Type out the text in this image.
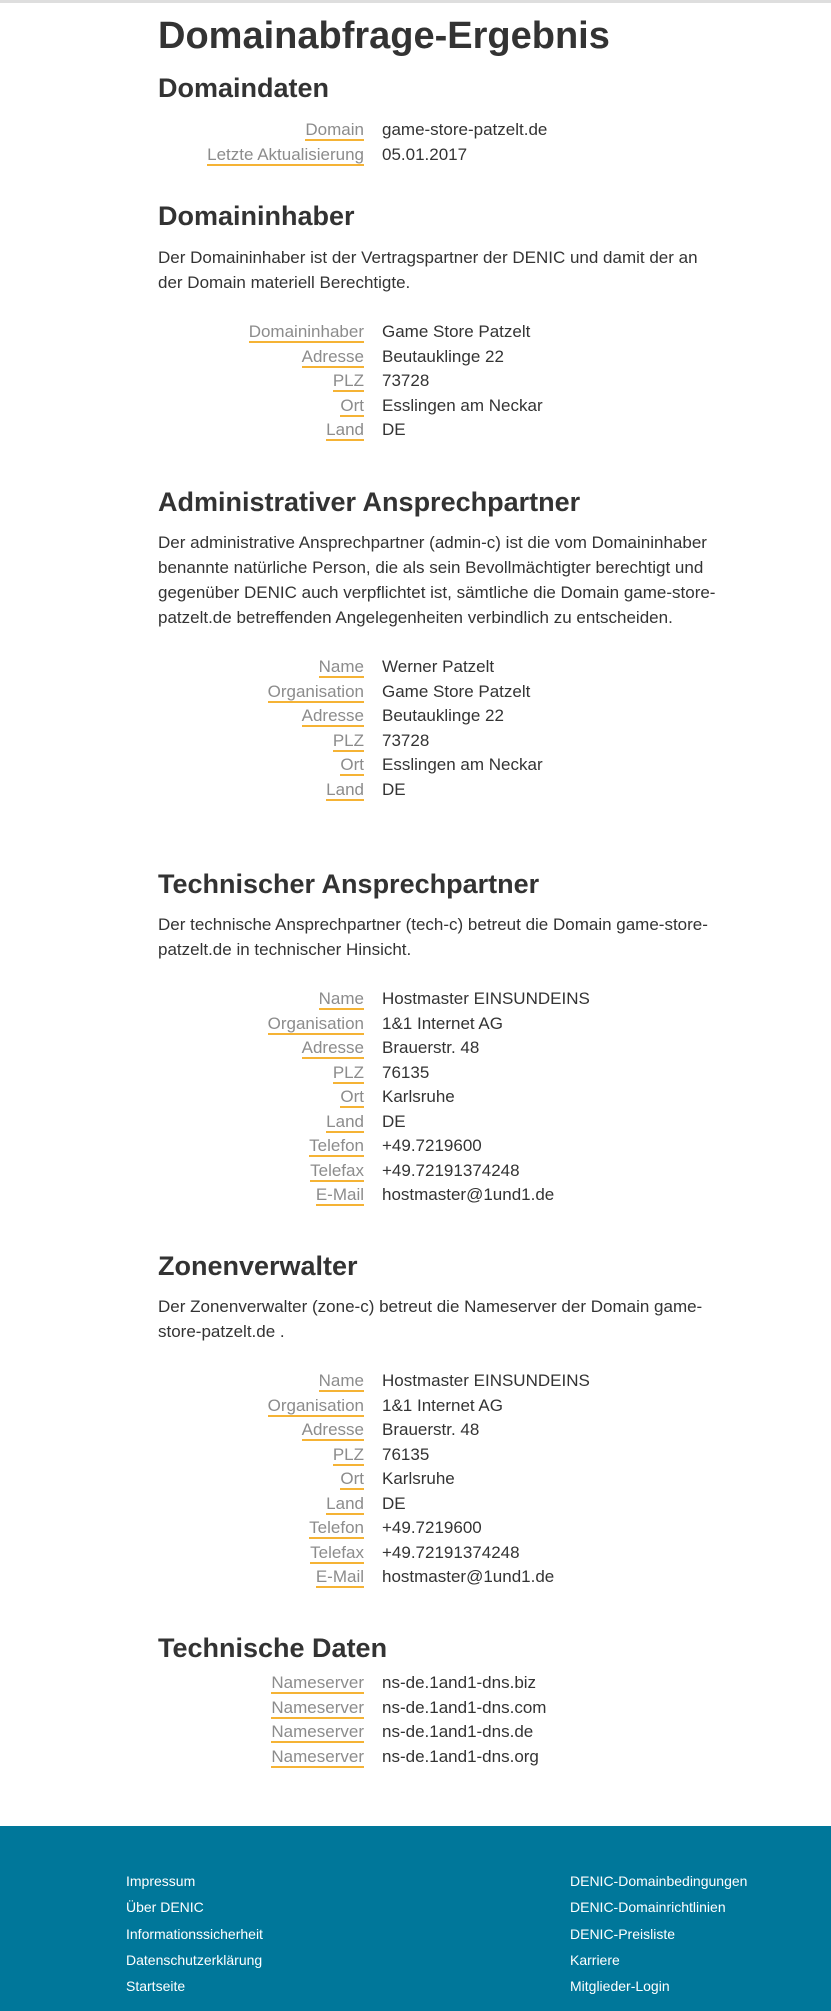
Domainabfrage-Ergebnis
Domaindaten
Domain	game-store-patzelt.de
Letzte Aktualisierung	05.01.2017
Domaininhaber

Der Domaininhaber ist der Vertragspartner der DENIC und damit der an der Domain materiell Berechtigte.

Domaininhaber	Game Store Patzelt
Adresse	Beutauklinge 22
PLZ	73728
Ort	Esslingen am Neckar
Land	DE
Administrativer Ansprechpartner

Der administrative Ansprechpartner (admin-c) ist die vom Domaininhaber benannte natürliche Person, die als sein Bevollmächtigter berechtigt und gegenüber DENIC auch verpflichtet ist, sämtliche die Domain game-store-patzelt.de betreffenden Angelegenheiten verbindlich zu entscheiden.

Name	Werner Patzelt
Organisation	Game Store Patzelt
Adresse	Beutauklinge 22
PLZ	73728
Ort	Esslingen am Neckar
Land	DE
Technischer Ansprechpartner

Der technische Ansprechpartner (tech-c) betreut die Domain game-store-patzelt.de in technischer Hinsicht.

Name	Hostmaster EINSUNDEINS
Organisation	1&1 Internet AG
Adresse	Brauerstr. 48
PLZ	76135
Ort	Karlsruhe
Land	DE
Telefon	+49.7219600
Telefax	+49.72191374248
E-Mail	hostmaster@1und1.de
Zonenverwalter

Der Zonenverwalter (zone-c) betreut die Nameserver der Domain game-store-patzelt.de .

Name	Hostmaster EINSUNDEINS
Organisation	1&1 Internet AG
Adresse	Brauerstr. 48
PLZ	76135
Ort	Karlsruhe
Land	DE
Telefon	+49.7219600
Telefax	+49.72191374248
E-Mail	hostmaster@1und1.de
Technische Daten
Nameserver	ns-de.1and1-dns.biz
Nameserver	ns-de.1and1-dns.com
Nameserver	ns-de.1and1-dns.de
Nameserver	ns-de.1and1-dns.org
Impressum
Über DENIC
Informationssicherheit
Datenschutzerklärung
Startseite
DENIC-Domainbedingungen
DENIC-Domainrichtlinien
DENIC-Preisliste
Karriere
Mitglieder-Login
